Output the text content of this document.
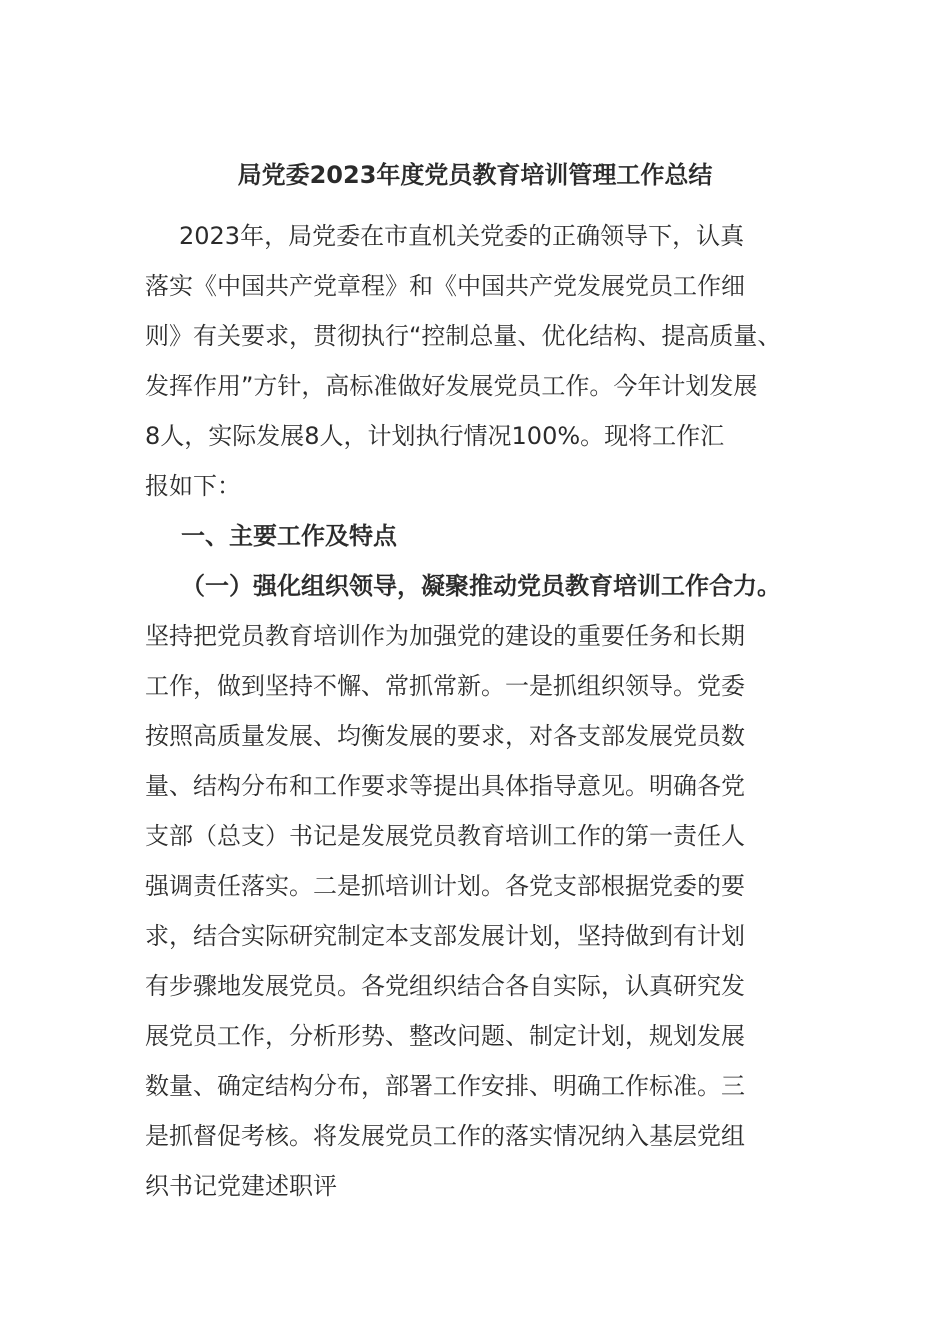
局党委2023年度党员教育培训管理工作总结
2023年，局党委在市直机关党委的正确领导下，认真
落实《中国共产党章程》和《中国共产党发展党员工作细
则》有关要求，贯彻执行“控制总量、优化结构、提高质量、
发挥作用”方针，高标准做好发展党员工作。今年计划发展
8人，实际发展8人，计划执行情况100%。现将工作汇
报如下：
一、主要工作及特点
（一）强化组织领导，凝聚推动党员教育培训工作合力。
坚持把党员教育培训作为加强党的建设的重要任务和长期
工作，做到坚持不懈、常抓常新。一是抓组织领导。党委
按照高质量发展、均衡发展的要求，对各支部发展党员数
量、结构分布和工作要求等提出具体指导意见。明确各党
支部（总支）书记是发展党员教育培训工作的第一责任人
强调责任落实。二是抓培训计划。各党支部根据党委的要
求，结合实际研究制定本支部发展计划，坚持做到有计划
有步骤地发展党员。各党组织结合各自实际，认真研究发
展党员工作，分析形势、整改问题、制定计划，规划发展
数量、确定结构分布，部署工作安排、明确工作标准。三
是抓督促考核。将发展党员工作的落实情况纳入基层党组
织书记党建述职评
